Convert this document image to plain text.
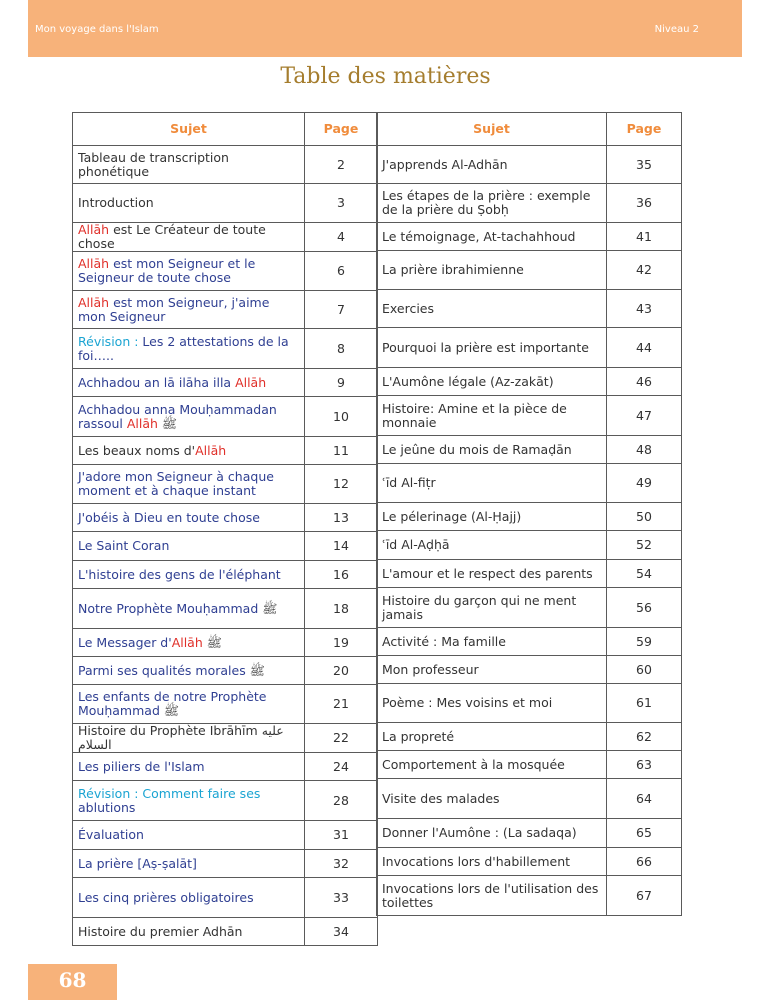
Mon voyage dans l'Islam	Niveau 2
Table des matières
Sujet	Page
Tableau de transcription phonétique	2
Introduction	3
Allāh est Le Créateur de toute chose	4
Allāh est mon Seigneur et le Seigneur de toute chose	6
Allāh est mon Seigneur, j'aime mon Seigneur	7
Révision : Les 2 attestations de la foi…..	8
Achhadou an lā ilāha illa Allāh	9
Achhadou anna Mouḥammadan rassoul Allāh ﷺ	10
Les beaux noms d'Allāh	11
J'adore mon Seigneur à chaque moment et à chaque instant	12
J'obéis à Dieu en toute chose	13
Le Saint Coran	14
L'histoire des gens de l'éléphant	16
Notre Prophète Mouḥammad ﷺ	18
Le Messager d'Allāh ﷺ	19
Parmi ses qualités morales ﷺ	20
Les enfants de notre Prophète Mouḥammad ﷺ	21
Histoire du Prophète Ibrāhīm عليه السلام	22
Les piliers de l'Islam	24
Révision : Comment faire ses ablutions	28
Évaluation	31
La prière [Aṣ-ṣalāt]	32
Les cinq prières obligatoires	33
Histoire du premier Adhān	34
Sujet	Page
J'apprends Al-Adhān	35
Les étapes de la prière : exemple de la prière du Ṣobḥ	36
Le témoignage, At-tachahhoud	41
La prière ibrahimienne	42
Exercies	43
Pourquoi la prière est importante	44
L'Aumône légale (Az-zakāt)	46
Histoire: Amine et la pièce de monnaie	47
Le jeûne du mois de Ramaḍān	48
ʿīd Al-fiṭr	49
Le pélerinage (Al-Ḥajj)	50
ʿīd Al-Aḍḥā	52
L'amour et le respect des parents	54
Histoire du garçon qui ne ment jamais	56
Activité : Ma famille	59
Mon professeur	60
Poème : Mes voisins et moi	61
La propreté	62
Comportement à la mosquée	63
Visite des malades	64
Donner l'Aumône : (La sadaqa)	65
Invocations lors d'habillement	66
Invocations lors de l'utilisation des toilettes	67
68
